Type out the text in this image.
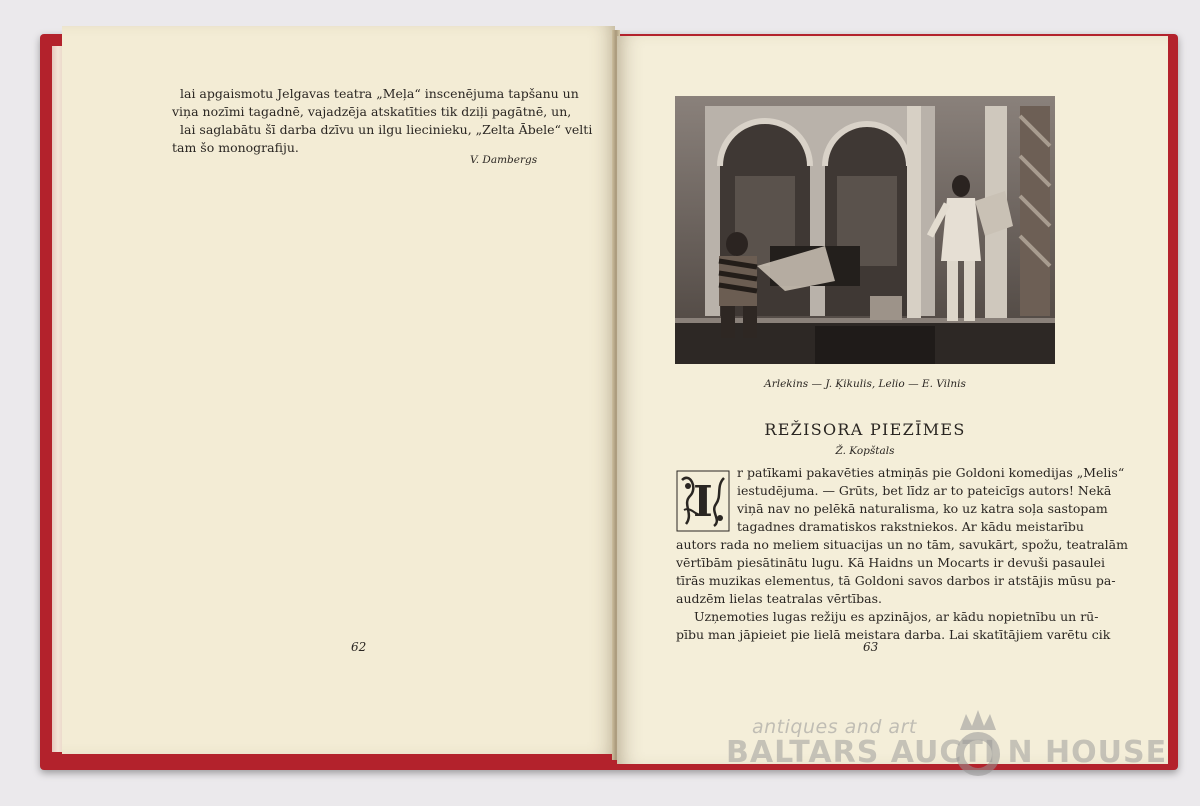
lai apgaismotu Jelgavas teatra „Meļa“ inscenējuma tapšanu un
viņa nozīmi tagadnē, vajadzēja atskatīties tik dziļi pagātnē, un,
lai saglabātu šī darba dzīvu un ilgu liecinieku, „Zelta Ābele“ velti
tam šo monografiju.
V. Dambergs
62
Arlekins — J. Ķikulis, Lelio — E. Vilnis
REŽISORA PIEZĪMES
Ž. Kopštals
I
r patīkami pakavēties atmiņās pie Goldoni komedijas „Melis“
iestudējuma. — Grūts, bet līdz ar to pateicīgs autors! Nekā
viņā nav no pelēkā naturalisma, ko uz katra soļa sastopam
tagadnes dramatiskos rakstniekos. Ar kādu meistarību
autors rada no meliem situacijas un no tām, savukārt, spožu, teatralām
vērtībām piesātinātu lugu. Kā Haidns un Mocarts ir devuši pasaulei
tīrās muzikas elementus, tā Goldoni savos darbos ir atstājis mūsu pa-
audzēm lielas teatralas vērtības.
Uzņemoties lugas režiju es apzinājos, ar kādu nopietnību un rū-
pību man jāpieiet pie lielā meistara darba. Lai skatītājiem varētu cik
63
antiques and art
BALTARS AUCTI N HOUSE
